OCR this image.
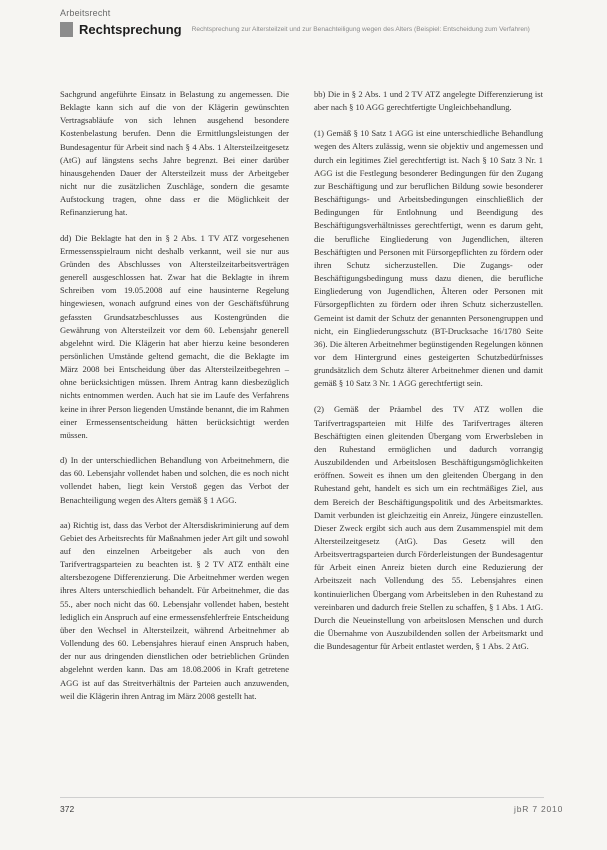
Arbeitsrecht
Rechtsprechung Rechtsprechung zur Altersteilzeit und zur Benachteiligung wegen des Alters (Beispiel: Entscheidung zum Verfahren)

Sachgrund angeführte Einsatz in Belastung zu angemessen. Die Beklagte kann sich auf die von der Klägerin gewünschten Vertragsabläufe von sich lehnen ausgehend besondere Kostenbelastung berufen. Denn die Ermittlungsleistungen der Bundesagentur für Arbeit sind nach § 4 Abs. 1 Altersteilzeitgesetz (AtG) auf längstens sechs Jahre begrenzt. Bei einer darüber hinausgehenden Dauer der Altersteilzeit muss der Arbeitgeber nicht nur die zusätzlichen Zuschläge, sondern die gesamte Aufstockung tragen, ohne dass er die Möglichkeit der Refinanzierung hat.

dd) Die Beklagte hat den in § 2 Abs. 1 TV ATZ vorgesehenen Ermessensspielraum nicht deshalb verkannt, weil sie nur aus Gründen des Abschlusses von Altersteilzeitarbeitsverträgen generell ausgeschlossen hat. Zwar hat die Beklagte in ihrem Schreiben vom 19.05.2008 auf eine hausinterne Regelung hingewiesen, wonach aufgrund eines von der Geschäftsführung gefassten Grundsatzbeschlusses aus Kostengründen die Gewährung von Altersteilzeit vor dem 60. Lebensjahr generell abgelehnt wird. Die Klägerin hat aber hierzu keine besonderen persönlichen Umstände geltend gemacht, die die Beklagte im März 2008 bei Entscheidung über das Altersteilzeitbegehren – ohne berücksichtigen müssen. Ihrem Antrag kann diesbezüglich nichts entnommen werden. Auch hat sie im Laufe des Verfahrens keine in ihrer Person liegenden Umstände benannt, die im Rahmen einer Ermessensentscheidung hätten berücksichtigt werden müssen.

d) In der unterschiedlichen Behandlung von Arbeitnehmern, die das 60. Lebensjahr vollendet haben und solchen, die es noch nicht vollendet haben, liegt kein Verstoß gegen das Verbot der Benachteiligung wegen des Alters gemäß § 1 AGG.

aa) Richtig ist, dass das Verbot der Altersdiskriminierung auf dem Gebiet des Arbeitsrechts für Maßnahmen jeder Art gilt und sowohl auf den einzelnen Arbeitgeber als auch von den Tarifvertragsparteien zu beachten ist. § 2 TV ATZ enthält eine altersbezogene Differenzierung. Die Arbeitnehmer werden wegen ihres Alters unterschiedlich behandelt. Für Arbeitnehmer, die das 55., aber noch nicht das 60. Lebensjahr vollendet haben, besteht lediglich ein Anspruch auf eine ermessensfehlerfreie Entscheidung über den Wechsel in Altersteilzeit, während Arbeitnehmer ab Vollendung des 60. Lebensjahres hierauf einen Anspruch haben, der nur aus dringenden dienstlichen oder betrieblichen Gründen abgelehnt werden kann. Das am 18.08.2006 in Kraft getretene AGG ist auf das Streitverhältnis der Parteien auch anzuwenden, weil die Klägerin ihren Antrag im März 2008 gestellt hat.

bb) Die in § 2 Abs. 1 und 2 TV ATZ angelegte Differenzierung ist aber nach § 10 AGG gerechtfertigte Ungleichbehandlung.

(1) Gemäß § 10 Satz 1 AGG ist eine unterschiedliche Behandlung wegen des Alters zulässig, wenn sie objektiv und angemessen und durch ein legitimes Ziel gerechtfertigt ist. Nach § 10 Satz 3 Nr. 1 AGG ist die Festlegung besonderer Bedingungen für den Zugang zur Beschäftigung und zur beruflichen Bildung sowie besonderer Beschäftigungs- und Arbeitsbedingungen einschließlich der Bedingungen für Entlohnung und Beendigung des Beschäftigungsverhältnisses gerechtfertigt, wenn es darum geht, die berufliche Eingliederung von Jugendlichen, älteren Beschäftigten und Personen mit Fürsorgepflichten zu fördern oder ihren Schutz sicherzustellen. Die Zugangs- oder Beschäftigungsbedingung muss dazu dienen, die berufliche Eingliederung von Jugendlichen, Älteren oder Personen mit Fürsorgepflichten zu fördern oder ihren Schutz sicherzustellen. Gemeint ist damit der Schutz der genannten Personengruppen und nicht, ein Eingliederungsschutz (BT-Drucksache 16/1780 Seite 36). Die älteren Arbeitnehmer begünstigenden Regelungen können vor dem Hintergrund eines gesteigerten Schutzbedürfnisses grundsätzlich dem Schutz älterer Arbeitnehmer dienen und damit gemäß § 10 Satz 3 Nr. 1 AGG gerechtfertigt sein.

(2) Gemäß der Präambel des TV ATZ wollen die Tarifvertragsparteien mit Hilfe des Tarifvertrages älteren Beschäftigten einen gleitenden Übergang vom Erwerbsleben in den Ruhestand ermöglichen und dadurch vorrangig Auszubildenden und Arbeitslosen Beschäftigungsmöglichkeiten eröffnen. Soweit es ihnen um den gleitenden Übergang in den Ruhestand geht, handelt es sich um ein rechtmäßiges Ziel, aus dem Bereich der Beschäftigungspolitik und des Arbeitsmarktes. Damit verbunden ist gleichzeitig ein Anreiz, Jüngere einzustellen. Dieser Zweck ergibt sich auch aus dem Zusammenspiel mit dem Altersteilzeitgesetz (AtG). Das Gesetz will den Arbeitsvertragsparteien durch Förderleistungen der Bundesagentur für Arbeit einen Anreiz bieten durch eine Reduzierung der Arbeitszeit nach Vollendung des 55. Lebensjahres einen kontinuierlichen Übergang vom Arbeitsleben in den Ruhestand zu vereinbaren und dadurch freie Stellen zu schaffen, § 1 Abs. 1 AtG. Durch die Neueinstellung von arbeitslosen Menschen und durch die Übernahme von Auszubildenden sollen der Arbeitsmarkt und die Bundesagentur für Arbeit entlastet werden, § 1 Abs. 2 AtG.

372	jbR 7 2010
